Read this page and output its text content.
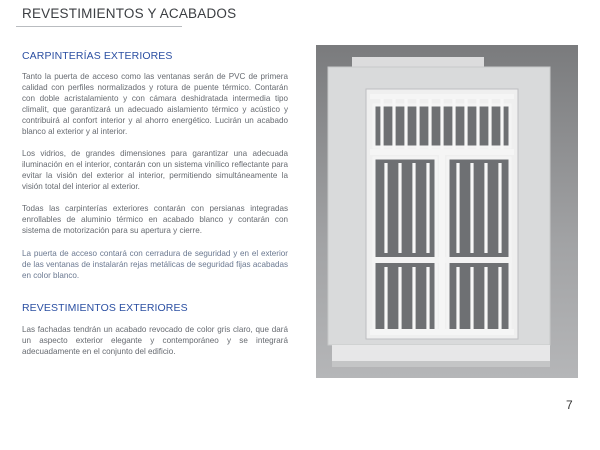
REVESTIMIENTOS Y ACABADOS
CARPINTERÍAS EXTERIORES

Tanto la puerta de acceso como las ventanas serán de PVC de primera calidad con perfiles normalizados y rotura de puente térmico. Contarán con doble acristalamiento y con cámara deshidratada intermedia tipo climalit, que garantizará un adecuado aislamiento térmico y acústico y contribuirá al confort interior y al ahorro energético. Lucirán un acabado blanco al exterior y al interior.

Los vidrios, de grandes dimensiones para garantizar una adecuada iluminación en el interior, contarán con un sistema vinílico reflectante para evitar la visión del exterior al interior, permitiendo simultáneamente la visión total del interior al exterior.

Todas las carpinterías exteriores contarán con persianas integradas enrollables de aluminio térmico en acabado blanco y contarán con sistema de motorización para su apertura y cierre.

La puerta de acceso contará con cerradura de seguridad y en el exterior de las ventanas de instalarán rejas metálicas de seguridad fijas acabadas en color blanco.

REVESTIMIENTOS EXTERIORES

Las fachadas tendrán un acabado revocado de color gris claro, que dará un aspecto exterior elegante y contemporáneo y se integrará adecuadamente en el conjunto del edificio.

7
